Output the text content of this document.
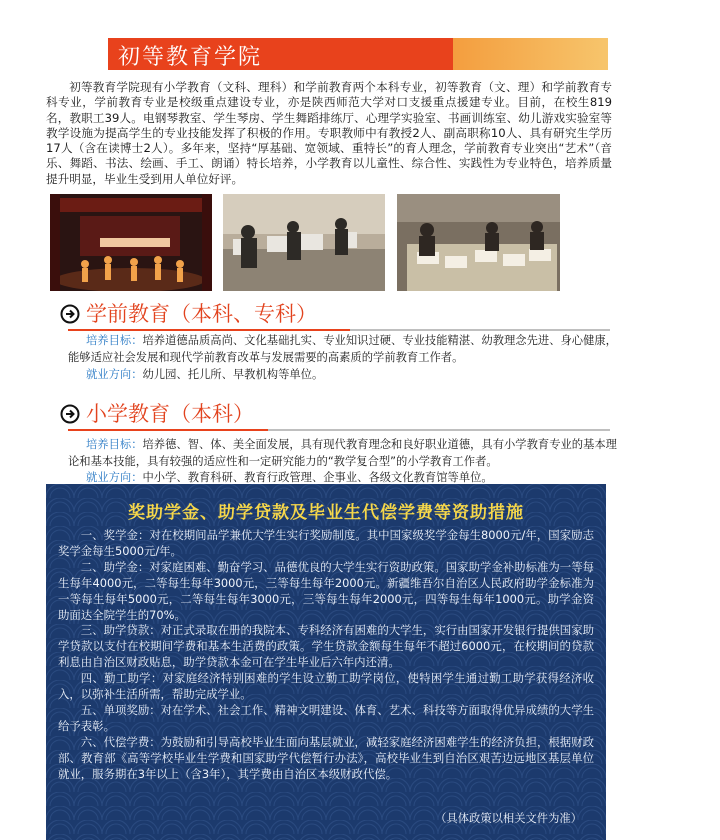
初等教育学院
初等教育学院现有小学教育（文科、理科）和学前教育两个本科专业，初等教育（文、理）和学前教育专科专业，学前教育专业是校级重点建设专业，亦是陕西师范大学对口支援重点援建专业。目前，在校生819名，教职工39人。电钢琴教室、学生琴房、学生舞蹈排练厅、心理学实验室、书画训练室、幼儿游戏实验室等教学设施为提高学生的专业技能发挥了积极的作用。专职教师中有教授2人、副高职称10人、具有研究生学历17人（含在读博士2人）。多年来，坚持“厚基础、宽领域、重特长”的育人理念，学前教育专业突出“艺术”（音乐、舞蹈、书法、绘画、手工、朗诵）特长培养，小学教育以儿童性、综合性、实践性为专业特色，培养质量提升明显，毕业生受到用人单位好评。
学前教育（本科、专科）
培养目标：培养道德品质高尚、文化基础扎实、专业知识过硬、专业技能精湛、幼教理念先进、身心健康，能够适应社会发展和现代学前教育改革与发展需要的高素质的学前教育工作者。
就业方向：幼儿园、托儿所、早教机构等单位。
小学教育（本科）
培养目标：培养德、智、体、美全面发展，具有现代教育理念和良好职业道德，具有小学教育专业的基本理论和基本技能，具有较强的适应性和一定研究能力的“教学复合型”的小学教育工作者。
就业方向：中小学、教育科研、教育行政管理、企事业、各级文化教育馆等单位。
奖助学金、助学贷款及毕业生代偿学费等资助措施

一、奖学金：对在校期间品学兼优大学生实行奖励制度。其中国家级奖学金每生8000元/年，国家励志奖学金每生5000元/年。

二、助学金：对家庭困难、勤奋学习、品德优良的大学生实行资助政策。国家助学金补助标准为一等每生每年4000元，二等每生每年3000元，三等每生每年2000元。新疆维吾尔自治区人民政府助学金标准为一等每生每年5000元，二等每生每年3000元，三等每生每年2000元，四等每生每年1000元。助学金资助面达全院学生的70%。

三、助学贷款：对正式录取在册的我院本、专科经济有困难的大学生，实行由国家开发银行提供国家助学贷款以支付在校期间学费和基本生活费的政策。学生贷款金额每生每年不超过6000元，在校期间的贷款利息由自治区财政贴息，助学贷款本金可在学生毕业后六年内还清。

四、勤工助学：对家庭经济特别困难的学生设立勤工助学岗位，使特困学生通过勤工助学获得经济收入，以弥补生活所需，帮助完成学业。

五、单项奖励：对在学术、社会工作、精神文明建设、体育、艺术、科技等方面取得优异成绩的大学生给予表彰。

六、代偿学费：为鼓励和引导高校毕业生面向基层就业，减轻家庭经济困难学生的经济负担，根据财政部、教育部《高等学校毕业生学费和国家助学代偿暂行办法》，高校毕业生到自治区艰苦边远地区基层单位就业，服务期在3年以上（含3年），其学费由自治区本级财政代偿。

（具体政策以相关文件为准）
